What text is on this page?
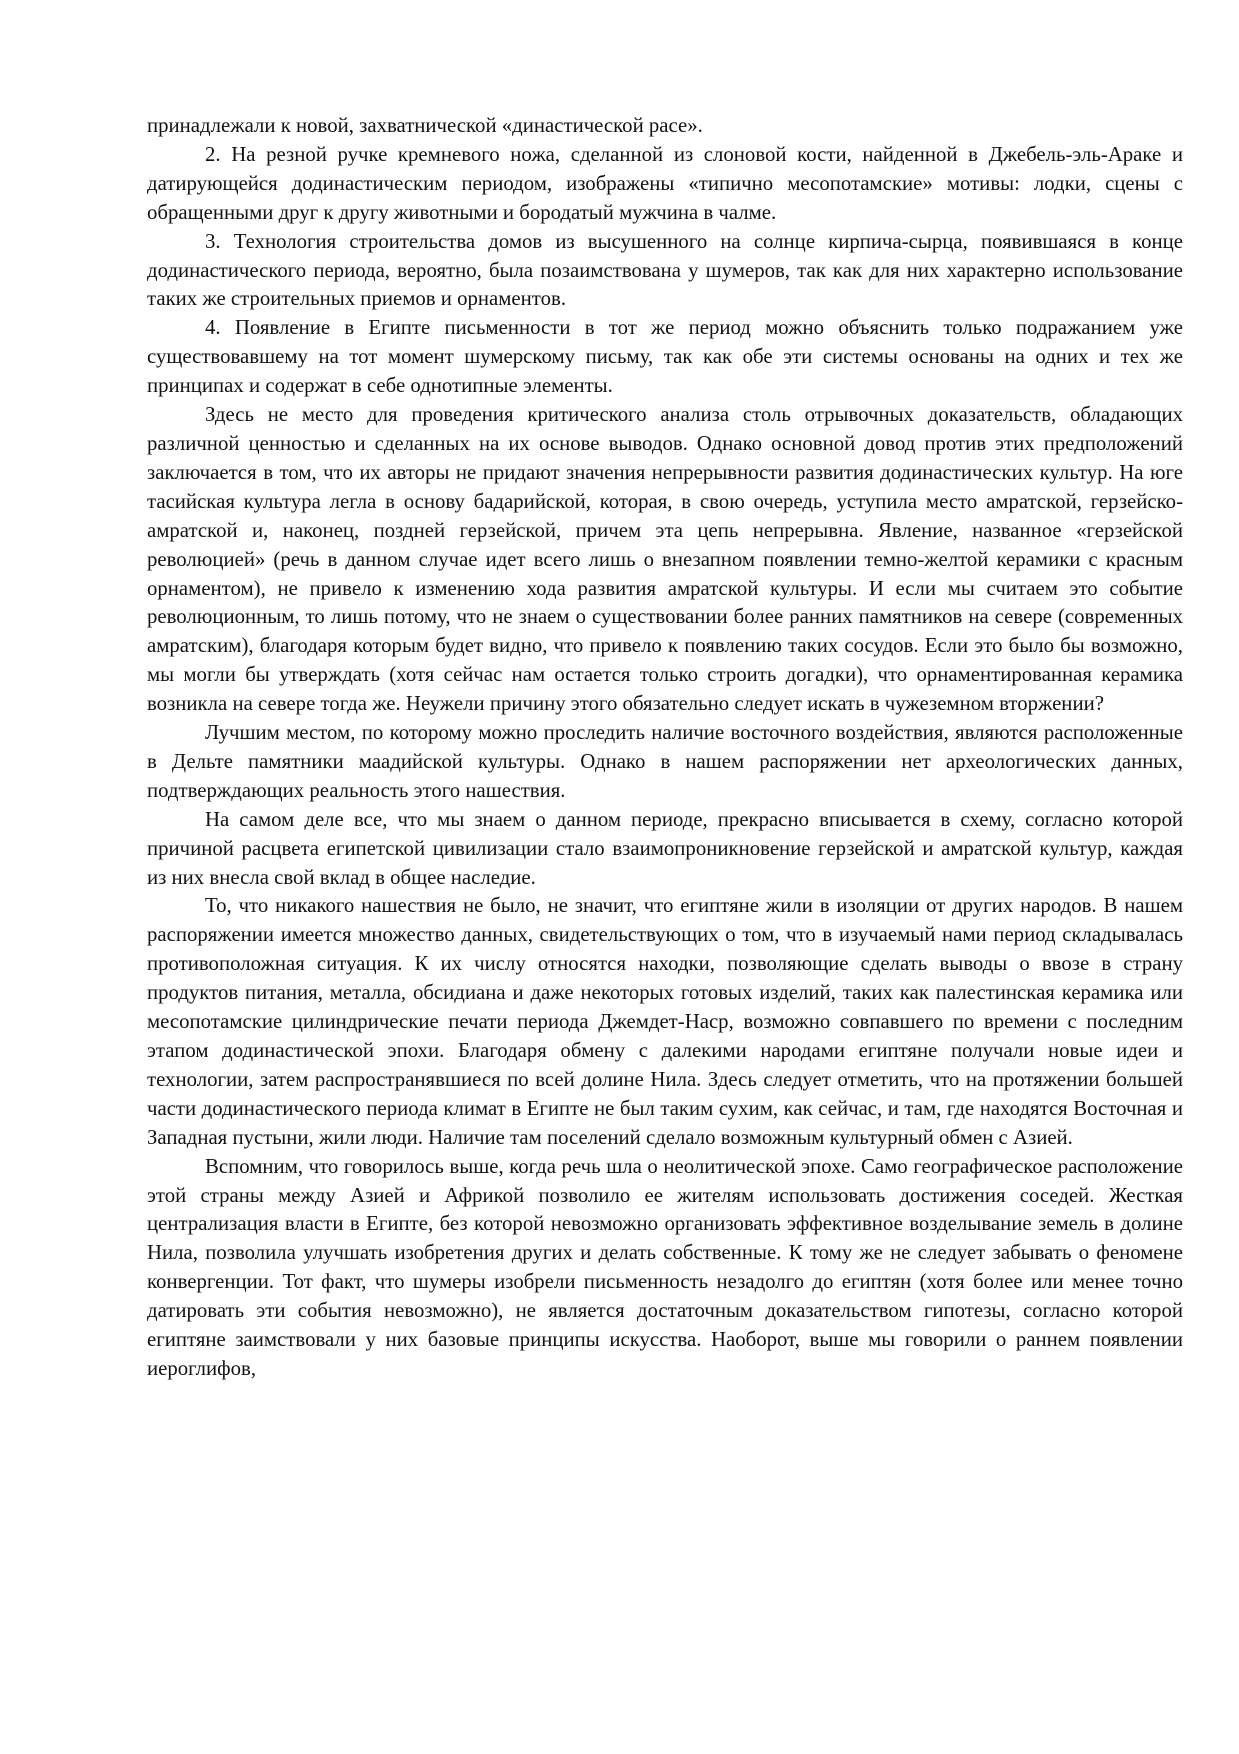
принадлежали к новой, захватнической «династической расе».

2. На резной ручке кремневого ножа, сделанной из слоновой кости, найденной в Джебель-эль-Араке и датирующейся додинастическим периодом, изображены «типично месопотамские» мотивы: лодки, сцены с обращенными друг к другу животными и бородатый мужчина в чалме.

3. Технология строительства домов из высушенного на солнце кирпича-сырца, появившаяся в конце додинастического периода, вероятно, была позаимствована у шумеров, так как для них характерно использование таких же строительных приемов и орнаментов.

4. Появление в Египте письменности в тот же период можно объяснить только подражанием уже существовавшему на тот момент шумерскому письму, так как обе эти системы основаны на одних и тех же принципах и содержат в себе однотипные элементы.

Здесь не место для проведения критического анализа столь отрывочных доказательств, обладающих различной ценностью и сделанных на их основе выводов. Однако основной довод против этих предположений заключается в том, что их авторы не придают значения непрерывности развития додинастических культур. На юге тасийская культура легла в основу бадарийской, которая, в свою очередь, уступила место амратской, герзейско-амратской и, наконец, поздней герзейской, причем эта цепь непрерывна. Явление, названное «герзейской революцией» (речь в данном случае идет всего лишь о внезапном появлении темно-желтой керамики с красным орнаментом), не привело к изменению хода развития амратской культуры. И если мы считаем это событие революционным, то лишь потому, что не знаем о существовании более ранних памятников на севере (современных амратским), благодаря которым будет видно, что привело к появлению таких сосудов. Если это было бы возможно, мы могли бы утверждать (хотя сейчас нам остается только строить догадки), что орнаментированная керамика возникла на севере тогда же. Неужели причину этого обязательно следует искать в чужеземном вторжении?

Лучшим местом, по которому можно проследить наличие восточного воздействия, являются расположенные в Дельте памятники маадийской культуры. Однако в нашем распоряжении нет археологических данных, подтверждающих реальность этого нашествия.

На самом деле все, что мы знаем о данном периоде, прекрасно вписывается в схему, согласно которой причиной расцвета египетской цивилизации стало взаимопроникновение герзейской и амратской культур, каждая из них внесла свой вклад в общее наследие.

То, что никакого нашествия не было, не значит, что египтяне жили в изоляции от других народов. В нашем распоряжении имеется множество данных, свидетельствующих о том, что в изучаемый нами период складывалась противоположная ситуация. К их числу относятся находки, позволяющие сделать выводы о ввозе в страну продуктов питания, металла, обсидиана и даже некоторых готовых изделий, таких как палестинская керамика или месопотамские цилиндрические печати периода Джемдет-Наср, возможно совпавшего по времени с последним этапом додинастической эпохи. Благодаря обмену с далекими народами египтяне получали новые идеи и технологии, затем распространявшиеся по всей долине Нила. Здесь следует отметить, что на протяжении большей части додинастического периода климат в Египте не был таким сухим, как сейчас, и там, где находятся Восточная и Западная пустыни, жили люди. Наличие там поселений сделало возможным культурный обмен с Азией.

Вспомним, что говорилось выше, когда речь шла о неолитической эпохе. Само географическое расположение этой страны между Азией и Африкой позволило ее жителям использовать достижения соседей. Жесткая централизация власти в Египте, без которой невозможно организовать эффективное возделывание земель в долине Нила, позволила улучшать изобретения других и делать собственные. К тому же не следует забывать о феномене конвергенции. Тот факт, что шумеры изобрели письменность незадолго до египтян (хотя более или менее точно датировать эти события невозможно), не является достаточным доказательством гипотезы, согласно которой египтяне заимствовали у них базовые принципы искусства. Наоборот, выше мы говорили о раннем появлении иероглифов,
